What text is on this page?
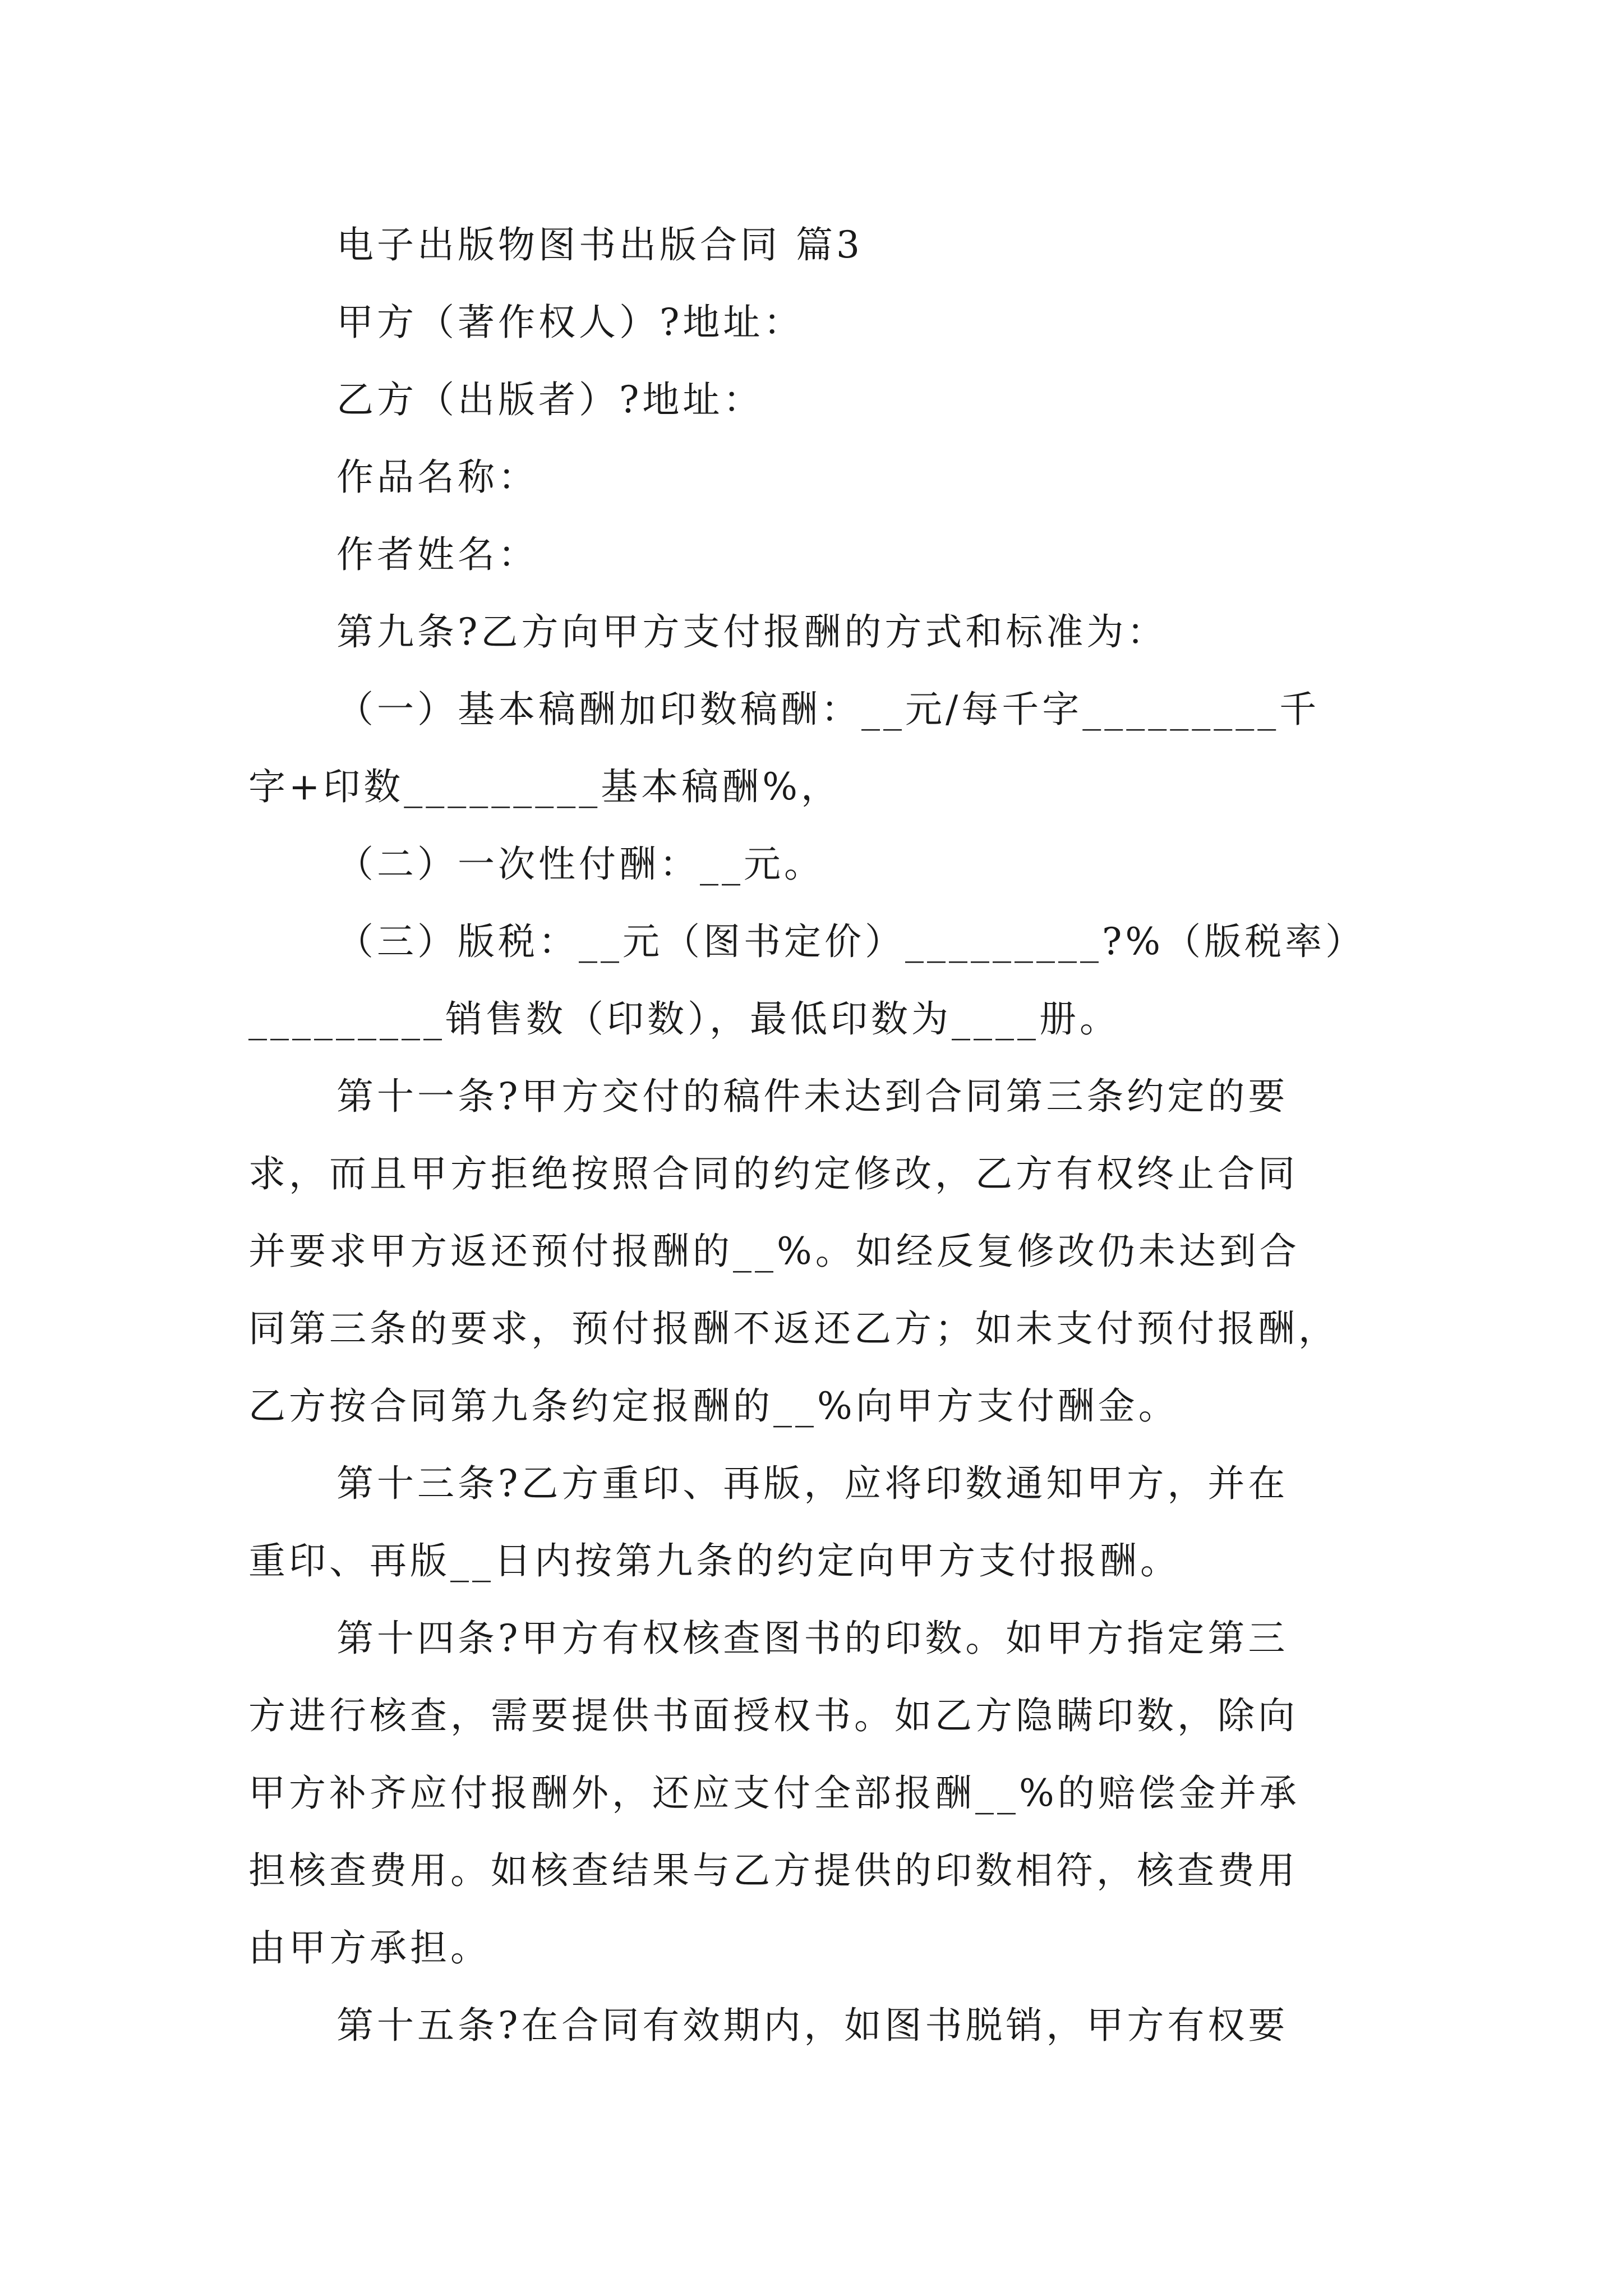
电子出版物图书出版合同 篇3
甲方（著作权人）?地址：
乙方（出版者）?地址：
作品名称：
作者姓名：
第九条?乙方向甲方支付报酬的方式和标准为：
（一）基本稿酬加印数稿酬：__元/每千字_________千
字+印数_________基本稿酬%，
（二）一次性付酬：__元。
（三）版税：__元（图书定价）_________?%（版税率）
_________销售数（印数），最低印数为____册。
第十一条?甲方交付的稿件未达到合同第三条约定的要
求，而且甲方拒绝按照合同的约定修改，乙方有权终止合同
并要求甲方返还预付报酬的__%。如经反复修改仍未达到合
同第三条的要求，预付报酬不返还乙方；如未支付预付报酬，
乙方按合同第九条约定报酬的__%向甲方支付酬金。
第十三条?乙方重印、再版，应将印数通知甲方，并在
重印、再版__日内按第九条的约定向甲方支付报酬。
第十四条?甲方有权核查图书的印数。如甲方指定第三
方进行核查，需要提供书面授权书。如乙方隐瞒印数，除向
甲方补齐应付报酬外，还应支付全部报酬__%的赔偿金并承
担核查费用。如核查结果与乙方提供的印数相符，核查费用
由甲方承担。
第十五条?在合同有效期内，如图书脱销，甲方有权要
